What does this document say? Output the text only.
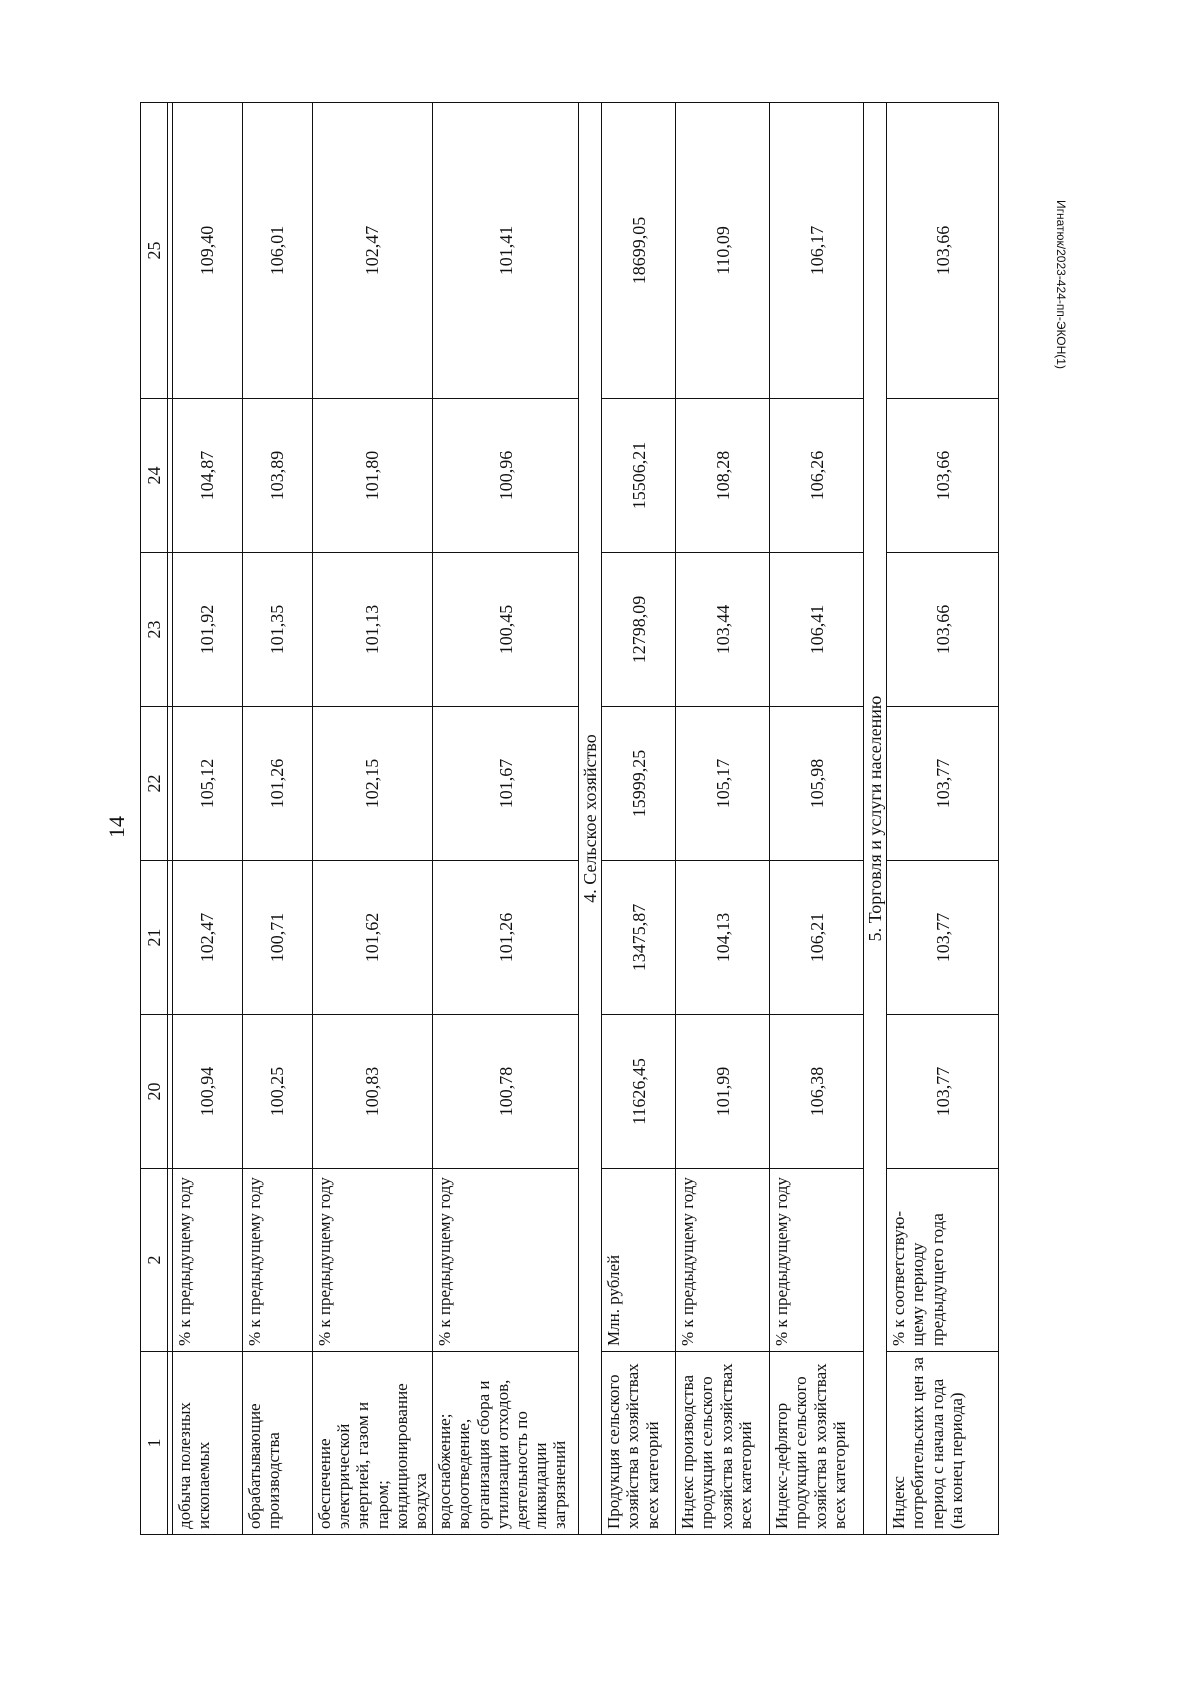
14
Игнатюк/2023-424-пп-ЭКОН(1)
1	2	20	21	22	23	24	25

добыча полезных ископаемых	% к предыдущему году	100,94	102,47	105,12	101,92	104,87	109,40
обрабатывающие производства	% к предыдущему году	100,25	100,71	101,26	101,35	103,89	106,01
обеспечение электрической энергией, газом и паром; кондиционирование воздуха	% к предыдущему году	100,83	101,62	102,15	101,13	101,80	102,47
водоснабжение; водоотведение, организация сбора и утилизации отходов, деятельность по ликвидации загрязнений	% к предыдущему году	100,78	101,26	101,67	100,45	100,96	101,41
4. Сельское хозяйство							
Продукция сельского хозяйства в хозяйствах всех категорий	Млн. рублей	11626,45	13475,87	15999,25	12798,09	15506,21	18699,05
Индекс производства продукции сельского хозяйства в хозяйствах всех категорий	% к предыдущему году	101,99	104,13	105,17	103,44	108,28	110,09
Индекс-дефлятор продукции сельского хозяйства в хозяйствах всех категорий	% к предыдущему году	106,38	106,21	105,98	106,41	106,26	106,17
5. Торговля и услуги населению							
Индекс потребительских цен за период с начала года (на конец периода)	% к соответствую-щему периоду предыдущего года	103,77	103,77	103,77	103,66	103,66	103,66
